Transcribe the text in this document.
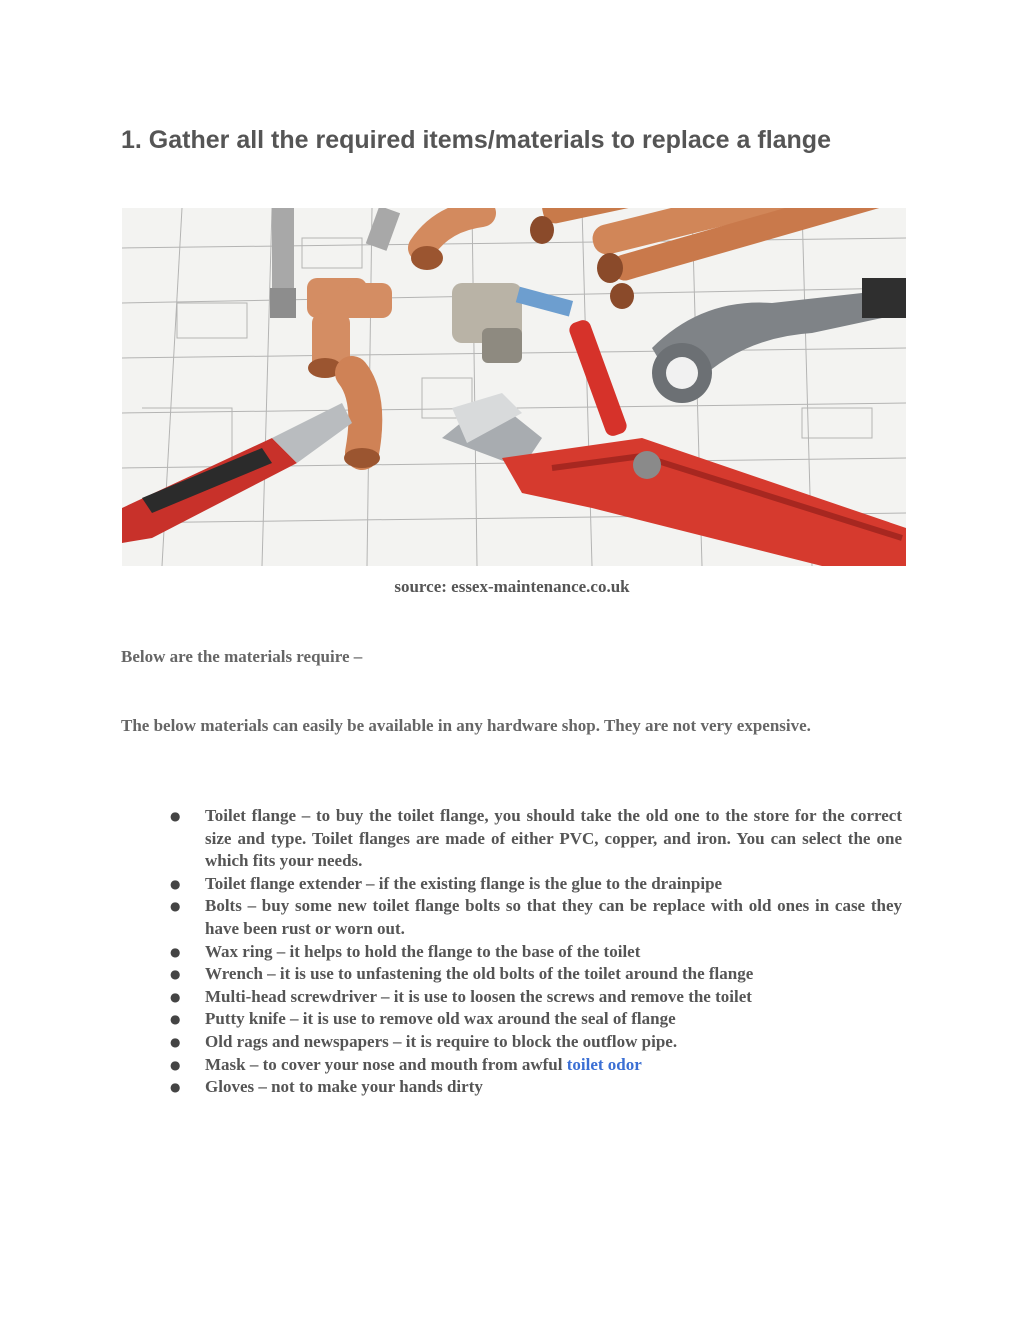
1. Gather all the required items/materials to replace a flange
source: essex-maintenance.co.uk

Below are the materials require –

The below materials can easily be available in any hardware shop. They are not very expensive.

● Toilet flange – to buy the toilet flange, you should take the old one to the store for the correct size and type. Toilet flanges are made of either PVC, copper, and iron. You can select the one which fits your needs.
● Toilet flange extender – if the existing flange is the glue to the drainpipe
● Bolts – buy some new toilet flange bolts so that they can be replace with old ones in case they have been rust or worn out.
● Wax ring – it helps to hold the flange to the base of the toilet
● Wrench – it is use to unfastening the old bolts of the toilet around the flange
● Multi-head screwdriver – it is use to loosen the screws and remove the toilet
● Putty knife – it is use to remove old wax around the seal of flange
● Old rags and newspapers – it is require to block the outflow pipe.
● Mask – to cover your nose and mouth from awful toilet odor
● Gloves – not to make your hands dirty
